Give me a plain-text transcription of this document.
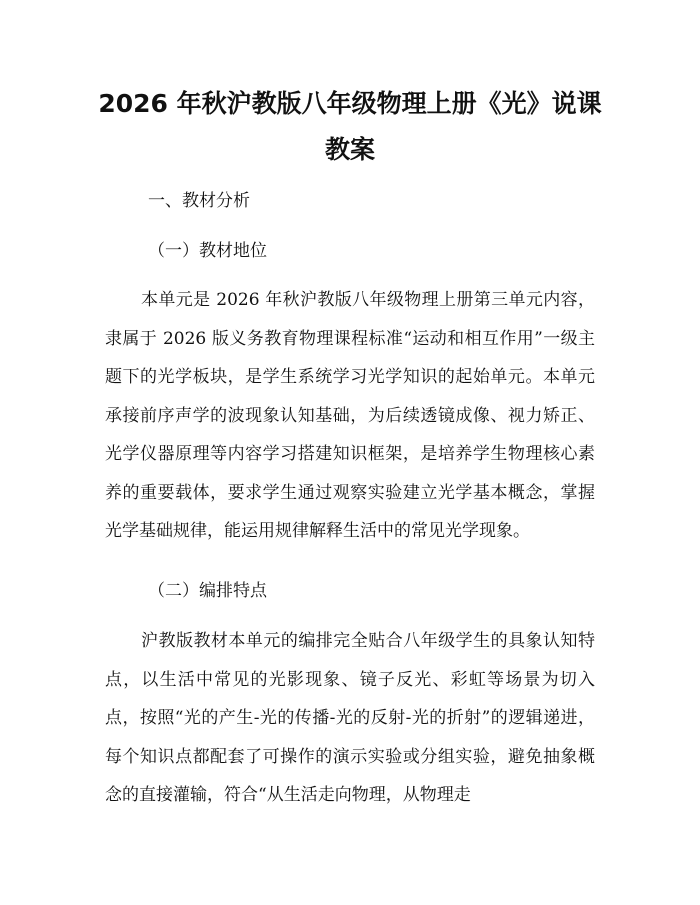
2026 年秋沪教版八年级物理上册《光》说课
教案

一、教材分析

（一）教材地位

本单元是 2026 年秋沪教版八年级物理上册第三单元内容，隶属于 2026 版义务教育物理课程标准“运动和相互作用”一级主题下的光学板块，是学生系统学习光学知识的起始单元。本单元承接前序声学的波现象认知基础，为后续透镜成像、视力矫正、光学仪器原理等内容学习搭建知识框架，是培养学生物理核心素养的重要载体，要求学生通过观察实验建立光学基本概念，掌握光学基础规律，能运用规律解释生活中的常见光学现象。

（二）编排特点

沪教版教材本单元的编排完全贴合八年级学生的具象认知特点，以生活中常见的光影现象、镜子反光、彩虹等场景为切入点，按照“光的产生-光的传播-光的反射-光的折射”的逻辑递进，每个知识点都配套了可操作的演示实验或分组实验，避免抽象概念的直接灌输，符合“从生活走向物理，从物理走
